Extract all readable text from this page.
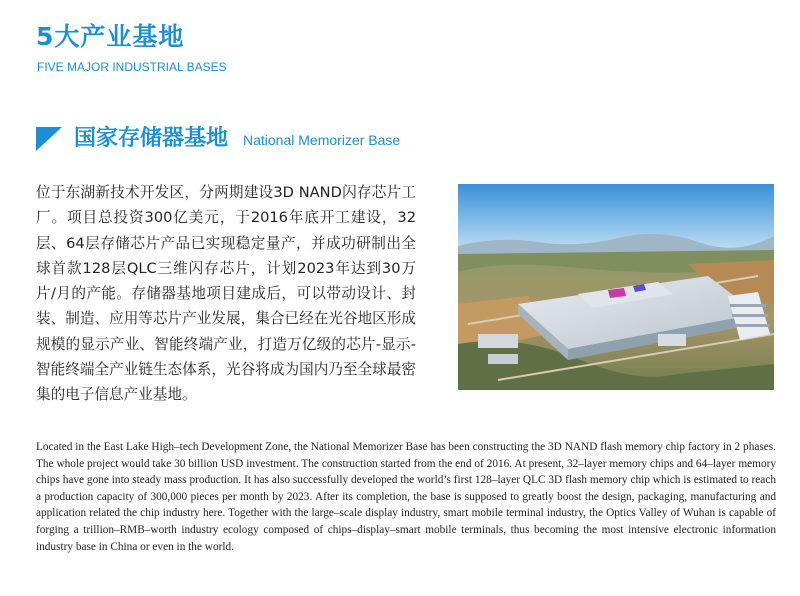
5大产业基地
FIVE MAJOR INDUSTRIAL BASES
国家存储器基地 National Memorizer Base
位于东湖新技术开发区，分两期建设3D NAND闪存芯片工厂。项目总投资300亿美元，于2016年底开工建设，32层、64层存储芯片产品已实现稳定量产，并成功研制出全球首款128层QLC三维闪存芯片，计划2023年达到30万片/月的产能。存储器基地项目建成后，可以带动设计、封装、制造、应用等芯片产业发展，集合已经在光谷地区形成规模的显示产业、智能终端产业，打造万亿级的芯片-显示-智能终端全产业链生态体系，光谷将成为国内乃至全球最密集的电子信息产业基地。
Located in the East Lake High–tech Development Zone, the National Memorizer Base has been constructing the 3D NAND flash memory chip factory in 2 phases. The whole project would take 30 billion USD investment. The construction started from the end of 2016. At present, 32–layer memory chips and 64–layer memory chips have gone into steady mass production. It has also successfully developed the world’s first 128–layer QLC 3D flash memory chip which is estimated to reach a production capacity of 300,000 pieces per month by 2023. After its completion, the base is supposed to greatly boost the design, packaging, manufacturing and application related the chip industry here. Together with the large–scale display industry, smart mobile terminal industry, the Optics Valley of Wuhan is capable of forging a trillion–RMB–worth industry ecology composed of chips–display–smart mobile terminals, thus becoming the most intensive electronic information industry base in China or even in the world.
